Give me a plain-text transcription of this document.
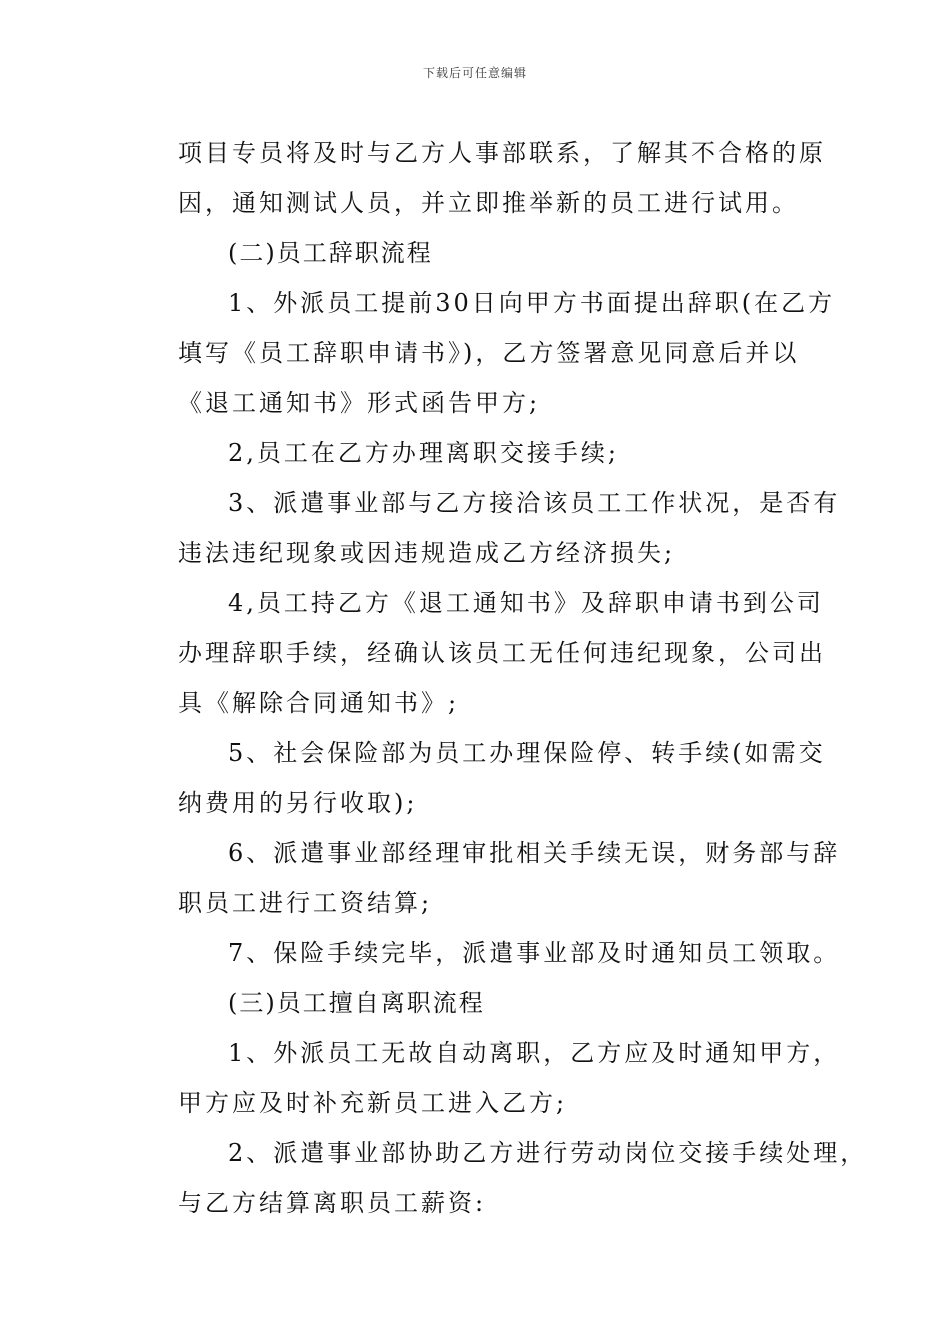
下载后可任意编辑
项目专员将及时与乙方人事部联系，了解其不合格的原
因，通知测试人员，并立即推举新的员工进行试用。
(二)员工辞职流程
1、外派员工提前30日向甲方书面提出辞职(在乙方
填写《员工辞职申请书》)，乙方签署意见同意后并以
《退工通知书》形式函告甲方;
2,员工在乙方办理离职交接手续;
3、派遣事业部与乙方接洽该员工工作状况，是否有
违法违纪现象或因违规造成乙方经济损失;
4,员工持乙方《退工通知书》及辞职申请书到公司
办理辞职手续，经确认该员工无任何违纪现象，公司出
具《解除合同通知书》;
5、社会保险部为员工办理保险停、转手续(如需交
纳费用的另行收取);
6、派遣事业部经理审批相关手续无误，财务部与辞
职员工进行工资结算;
7、保险手续完毕，派遣事业部及时通知员工领取。
(三)员工擅自离职流程
1、外派员工无故自动离职，乙方应及时通知甲方，
甲方应及时补充新员工进入乙方;
2、派遣事业部协助乙方进行劳动岗位交接手续处理，
与乙方结算离职员工薪资:
